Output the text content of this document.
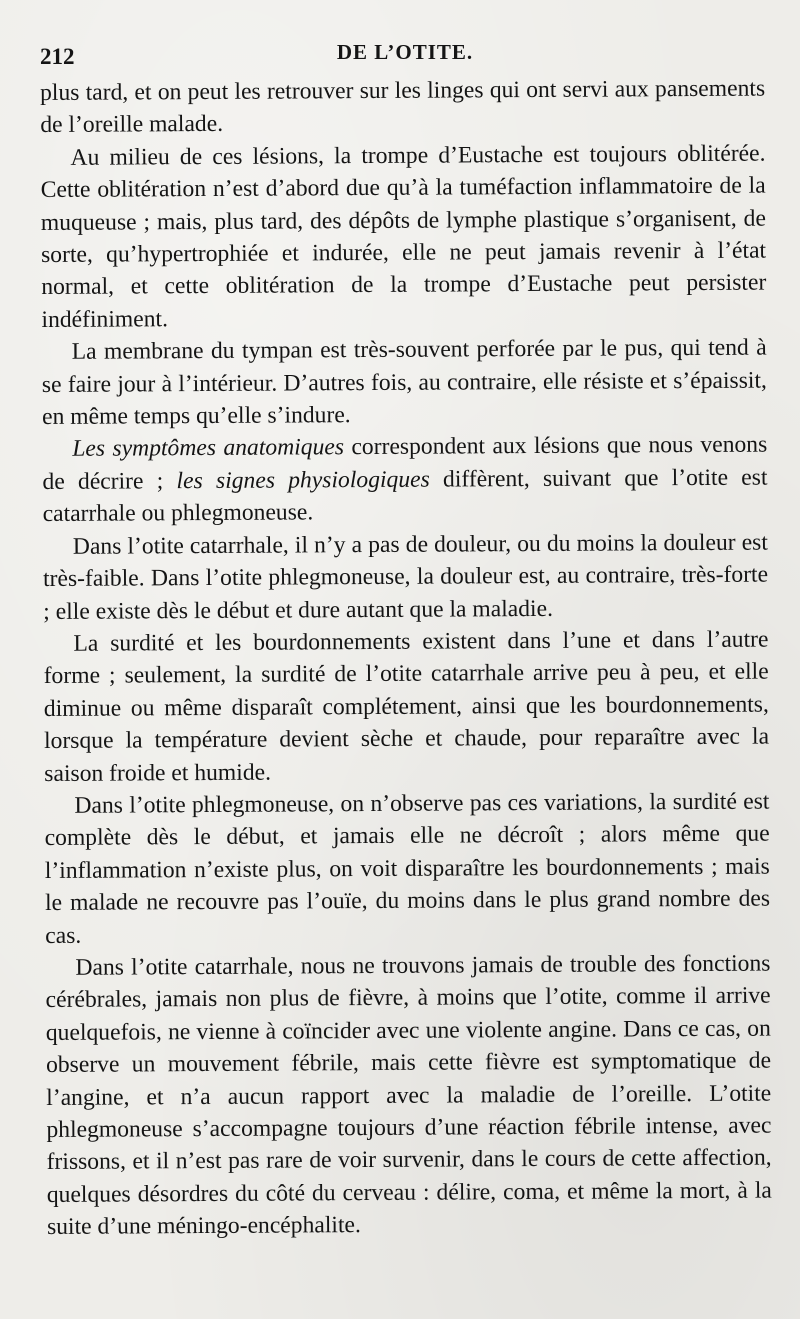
212	DE L’OTITE.

plus tard, et on peut les retrouver sur les linges qui ont servi aux pansements de l’oreille malade.

Au milieu de ces lésions, la trompe d’Eustache est toujours oblitérée. Cette oblitération n’est d’abord due qu’à la tuméfaction inflammatoire de la muqueuse ; mais, plus tard, des dépôts de lymphe plastique s’organisent, de sorte, qu’hypertrophiée et indurée, elle ne peut jamais revenir à l’état normal, et cette oblitération de la trompe d’Eustache peut persister indéfiniment.

La membrane du tympan est très-souvent perforée par le pus, qui tend à se faire jour à l’intérieur. D’autres fois, au contraire, elle résiste et s’épaissit, en même temps qu’elle s’indure.

Les symptômes anatomiques correspondent aux lésions que nous venons de décrire ; les signes physiologiques diffèrent, suivant que l’otite est catarrhale ou phlegmoneuse.

Dans l’otite catarrhale, il n’y a pas de douleur, ou du moins la douleur est très-faible. Dans l’otite phlegmoneuse, la douleur est, au contraire, très-forte ; elle existe dès le début et dure autant que la maladie.

La surdité et les bourdonnements existent dans l’une et dans l’autre forme ; seulement, la surdité de l’otite catarrhale arrive peu à peu, et elle diminue ou même disparaît complétement, ainsi que les bourdonnements, lorsque la température devient sèche et chaude, pour reparaître avec la saison froide et humide.

Dans l’otite phlegmoneuse, on n’observe pas ces variations, la surdité est complète dès le début, et jamais elle ne décroît ; alors même que l’inflammation n’existe plus, on voit disparaître les bourdonnements ; mais le malade ne recouvre pas l’ouïe, du moins dans le plus grand nombre des cas.

Dans l’otite catarrhale, nous ne trouvons jamais de trouble des fonctions cérébrales, jamais non plus de fièvre, à moins que l’otite, comme il arrive quelquefois, ne vienne à coïncider avec une violente angine. Dans ce cas, on observe un mouvement fébrile, mais cette fièvre est symptomatique de l’angine, et n’a aucun rapport avec la maladie de l’oreille. L’otite phlegmoneuse s’accompagne toujours d’une réaction fébrile intense, avec frissons, et il n’est pas rare de voir survenir, dans le cours de cette affection, quelques désordres du côté du cerveau : délire, coma, et même la mort, à la suite d’une méningo-encéphalite.
